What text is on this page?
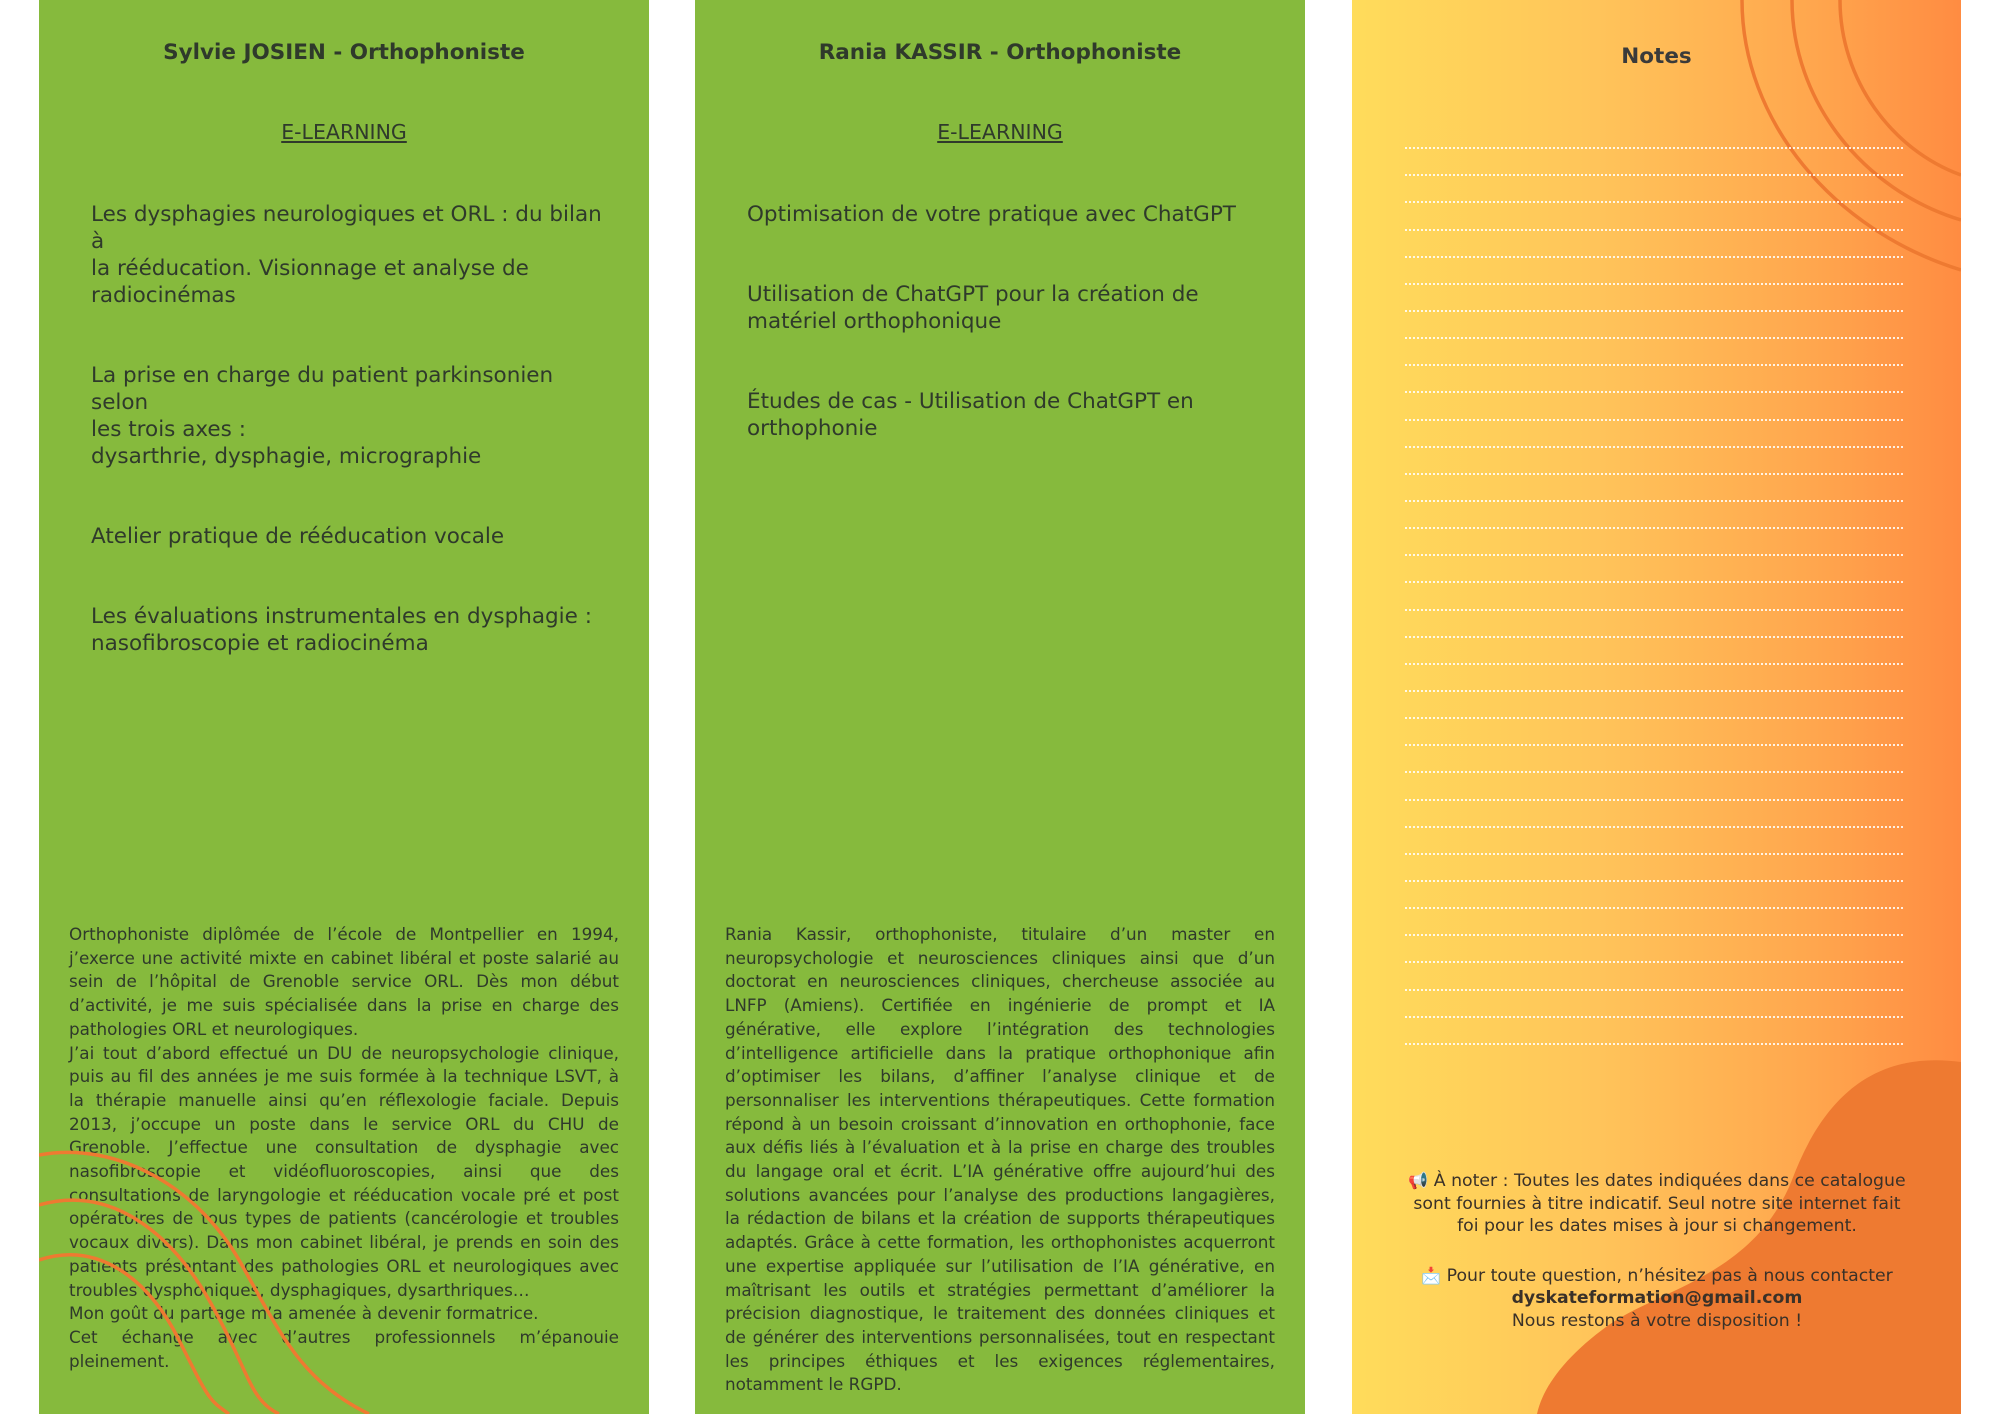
Sylvie JOSIEN - Orthophoniste
E-LEARNING

Les dysphagies neurologiques et ORL : du bilan à
la rééducation. Visionnage et analyse de
radiocinémas

La prise en charge du patient parkinsonien selon
les trois axes :
dysarthrie, dysphagie, micrographie

Atelier pratique de rééducation vocale

Les évaluations instrumentales en dysphagie :
nasofibroscopie et radiocinéma

Orthophoniste diplômée de l’école de Montpellier en 1994, j’exerce une activité mixte en cabinet libéral et poste salarié au sein de l’hôpital de Grenoble service ORL. Dès mon début d’activité, je me suis spécialisée dans la prise en charge des pathologies ORL et neurologiques.

J’ai tout d’abord effectué un DU de neuropsychologie clinique, puis au fil des années je me suis formée à la technique LSVT, à la thérapie manuelle ainsi qu’en réflexologie faciale. Depuis 2013, j’occupe un poste dans le service ORL du CHU de Grenoble. J’effectue une consultation de dysphagie avec nasofibroscopie et vidéofluoroscopies, ainsi que des consultations de laryngologie et rééducation vocale pré et post opératoires de tous types de patients (cancérologie et troubles vocaux divers). Dans mon cabinet libéral, je prends en soin des patients présentant des pathologies ORL et neurologiques avec troubles dysphoniques, dysphagiques, dysarthriques…

Mon goût du partage m’a amenée à devenir formatrice.

Cet échange avec d’autres professionnels m’épanouie pleinement.

Rania KASSIR - Orthophoniste
E-LEARNING

Optimisation de votre pratique avec ChatGPT

Utilisation de ChatGPT pour la création de
matériel orthophonique

Études de cas - Utilisation de ChatGPT en
orthophonie

Rania Kassir, orthophoniste, titulaire d’un master en neuropsychologie et neurosciences cliniques ainsi que d’un doctorat en neurosciences cliniques, chercheuse associée au LNFP (Amiens). Certifiée en ingénierie de prompt et IA générative, elle explore l’intégration des technologies d’intelligence artificielle dans la pratique orthophonique afin d’optimiser les bilans, d’affiner l’analyse clinique et de personnaliser les interventions thérapeutiques. Cette formation répond à un besoin croissant d’innovation en orthophonie, face aux défis liés à l’évaluation et à la prise en charge des troubles du langage oral et écrit. L’IA générative offre aujourd’hui des solutions avancées pour l’analyse des productions langagières, la rédaction de bilans et la création de supports thérapeutiques adaptés. Grâce à cette formation, les orthophonistes acquerront une expertise appliquée sur l’utilisation de l’IA générative, en maîtrisant les outils et stratégies permettant d’améliorer la précision diagnostique, le traitement des données cliniques et de générer des interventions personnalisées, tout en respectant les principes éthiques et les exigences réglementaires, notamment le RGPD.

Notes

📢 À noter : Toutes les dates indiquées dans ce catalogue sont fournies à titre indicatif. Seul notre site internet fait foi pour les dates mises à jour si changement.

📩 Pour toute question, n’hésitez pas à nous contacter

dyskateformation@gmail.com

Nous restons à votre disposition !
